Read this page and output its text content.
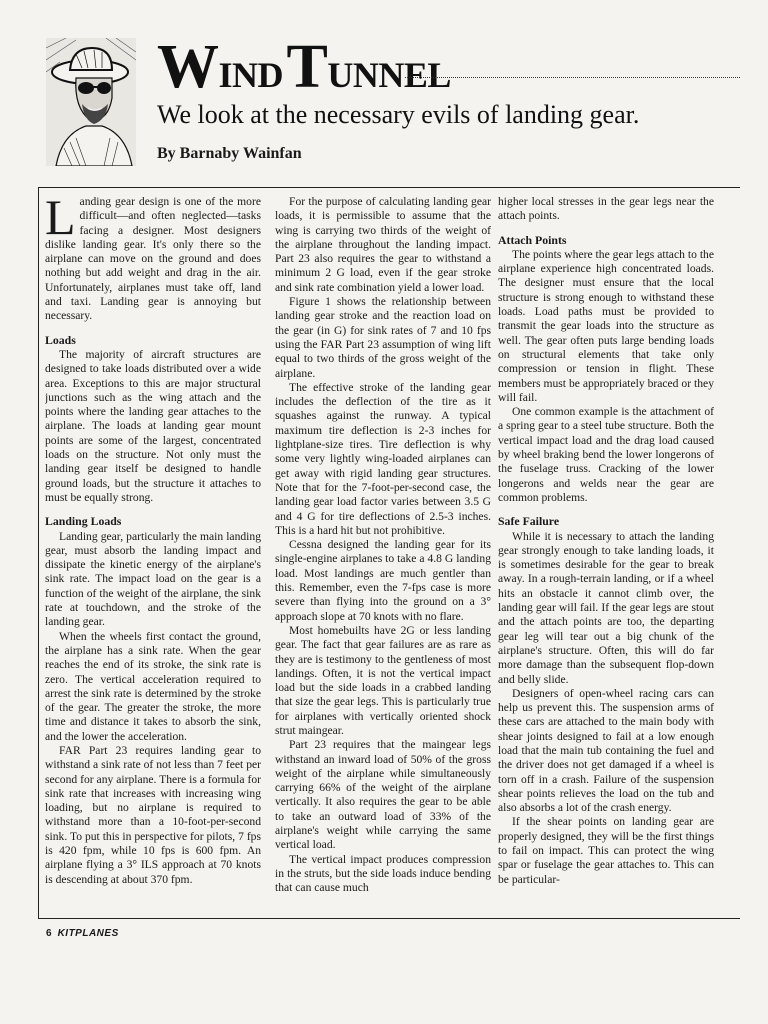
WIND TUNNEL
We look at the necessary evils of landing gear.
By Barnaby Wainfan

Landing gear design is one of the more difficult—and often neglected—tasks facing a designer. Most designers dislike landing gear. It's only there so the airplane can move on the ground and does nothing but add weight and drag in the air. Unfortunately, airplanes must take off, land and taxi. Landing gear is annoying but necessary.

Loads

The majority of aircraft structures are designed to take loads distributed over a wide area. Exceptions to this are major structural junctions such as the wing attach and the points where the landing gear attaches to the airplane. The loads at landing gear mount points are some of the largest, concentrated loads on the structure. Not only must the landing gear itself be designed to handle ground loads, but the structure it attaches to must be equally strong.

Landing Loads

Landing gear, particularly the main landing gear, must absorb the landing impact and dissipate the kinetic energy of the airplane's sink rate. The impact load on the gear is a function of the weight of the airplane, the sink rate at touchdown, and the stroke of the landing gear.

When the wheels first contact the ground, the airplane has a sink rate. When the gear reaches the end of its stroke, the sink rate is zero. The vertical acceleration required to arrest the sink rate is determined by the stroke of the gear. The greater the stroke, the more time and distance it takes to absorb the sink, and the lower the acceleration.

FAR Part 23 requires landing gear to withstand a sink rate of not less than 7 feet per second for any airplane. There is a formula for sink rate that increases with increasing wing loading, but no airplane is required to withstand more than a 10-foot-per-second sink. To put this in perspective for pilots, 7 fps is 420 fpm, while 10 fps is 600 fpm. An airplane flying a 3° ILS approach at 70 knots is descending at about 370 fpm.

For the purpose of calculating landing gear loads, it is permissible to assume that the wing is carrying two thirds of the weight of the airplane throughout the landing impact. Part 23 also requires the gear to withstand a minimum 2 G load, even if the gear stroke and sink rate combination yield a lower load.

Figure 1 shows the relationship between landing gear stroke and the reaction load on the gear (in G) for sink rates of 7 and 10 fps using the FAR Part 23 assumption of wing lift equal to two thirds of the gross weight of the airplane.

The effective stroke of the landing gear includes the deflection of the tire as it squashes against the runway. A typical maximum tire deflection is 2-3 inches for lightplane-size tires. Tire deflection is why some very lightly wing-loaded airplanes can get away with rigid landing gear structures. Note that for the 7-foot-per-second case, the landing gear load factor varies between 3.5 G and 4 G for tire deflections of 2.5-3 inches. This is a hard hit but not prohibitive.

Cessna designed the landing gear for its single-engine airplanes to take a 4.8 G landing load. Most landings are much gentler than this. Remember, even the 7-fps case is more severe than flying into the ground on a 3° approach slope at 70 knots with no flare.

Most homebuilts have 2G or less landing gear. The fact that gear failures are as rare as they are is testimony to the gentleness of most landings. Often, it is not the vertical impact load but the side loads in a crabbed landing that size the gear legs. This is particularly true for airplanes with vertically oriented shock strut maingear.

Part 23 requires that the maingear legs withstand an inward load of 50% of the gross weight of the airplane while simultaneously carrying 66% of the weight of the airplane vertically. It also requires the gear to be able to take an outward load of 33% of the airplane's weight while carrying the same vertical load.

The vertical impact produces compression in the struts, but the side loads induce bending that can cause much

higher local stresses in the gear legs near the attach points.

Attach Points

The points where the gear legs attach to the airplane experience high concentrated loads. The designer must ensure that the local structure is strong enough to withstand these loads. Load paths must be provided to transmit the gear loads into the structure as well. The gear often puts large bending loads on structural elements that take only compression or tension in flight. These members must be appropriately braced or they will fail.

One common example is the attachment of a spring gear to a steel tube structure. Both the vertical impact load and the drag load caused by wheel braking bend the lower longerons of the fuselage truss. Cracking of the lower longerons and welds near the gear are common problems.

Safe Failure

While it is necessary to attach the landing gear strongly enough to take landing loads, it is sometimes desirable for the gear to break away. In a rough-terrain landing, or if a wheel hits an obstacle it cannot climb over, the landing gear will fail. If the gear legs are stout and the attach points are too, the departing gear leg will tear out a big chunk of the airplane's structure. Often, this will do far more damage than the subsequent flop-down and belly slide.

Designers of open-wheel racing cars can help us prevent this. The suspension arms of these cars are attached to the main body with shear joints designed to fail at a low enough load that the main tub containing the fuel and the driver does not get damaged if a wheel is torn off in a crash. Failure of the suspension shear points relieves the load on the tub and also absorbs a lot of the crash energy.

If the shear points on landing gear are properly designed, they will be the first things to fail on impact. This can protect the wing spar or fuselage the gear attaches to. This can be particular-

6 KITPLANES
